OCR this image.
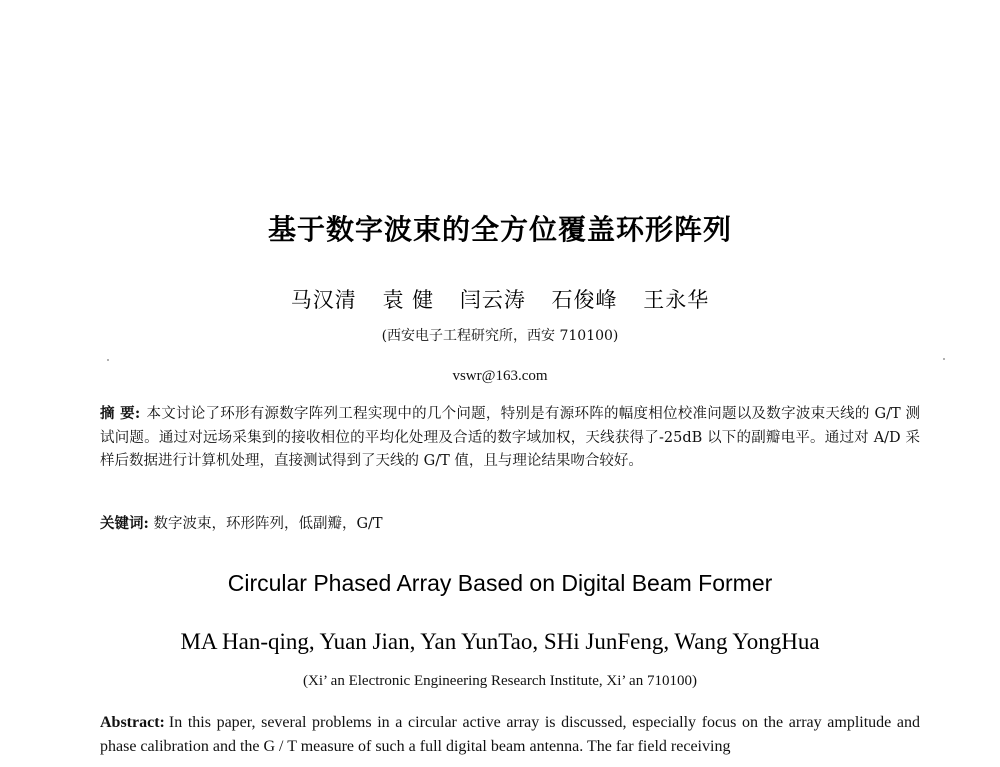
基于数字波束的全方位覆盖环形阵列
马汉清 袁 健 闫云涛 石俊峰 王永华
(西安电子工程研究所，西安 710100)
vswr@163.com
摘 要: 本文讨论了环形有源数字阵列工程实现中的几个问题，特别是有源环阵的幅度相位校准问题以及数字波束天线的 G/T 测试问题。通过对远场采集到的接收相位的平均化处理及合适的数字域加权，天线获得了-25dB 以下的副瓣电平。通过对 A/D 采样后数据进行计算机处理，直接测试得到了天线的 G/T 值，且与理论结果吻合较好。
关键词: 数字波束，环形阵列，低副瓣，G/T
Circular Phased Array Based on Digital Beam Former
MA Han-qing, Yuan Jian, Yan YunTao, SHi JunFeng, Wang YongHua
(Xi’ an Electronic Engineering Research Institute, Xi’ an 710100)
Abstract: In this paper, several problems in a circular active array is discussed, especially focus on the array amplitude and phase calibration and the G / T measure of such a full digital beam antenna. The far field receiving
